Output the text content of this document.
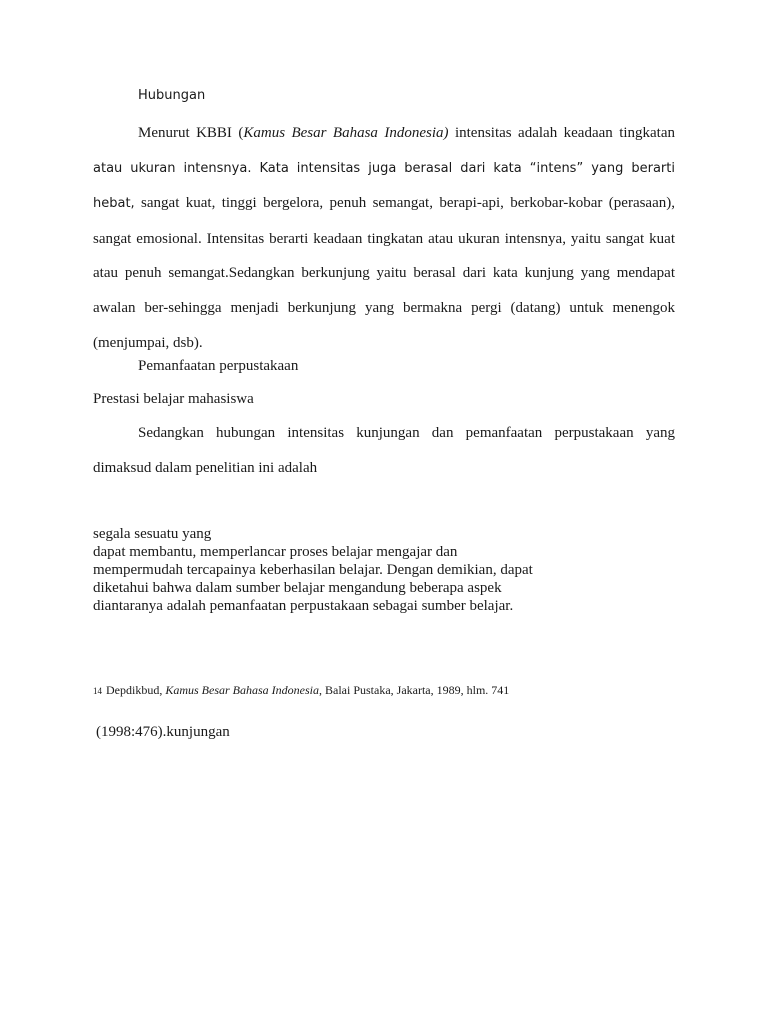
Hubungan

Menurut KBBI (Kamus Besar Bahasa Indonesia) intensitas adalah keadaan tingkatan atau ukuran intensnya. Kata intensitas juga berasal dari kata “intens” yang berarti hebat, sangat kuat, tinggi bergelora, penuh semangat, berapi-api, berkobar-kobar (perasaan), sangat emosional. Intensitas berarti keadaan tingkatan atau ukuran intensnya, yaitu sangat kuat atau penuh semangat.Sedangkan berkunjung yaitu berasal dari kata kunjung yang mendapat awalan ber-sehingga menjadi berkunjung yang bermakna pergi (datang) untuk menengok (menjumpai, dsb).

Pemanfaatan perpustakaan

Prestasi belajar mahasiswa

Sedangkan hubungan intensitas kunjungan dan pemanfaatan perpustakaan yang dimaksud dalam penelitian ini adalah

segala sesuatu yang
dapat membantu, memperlancar proses belajar mengajar dan
mempermudah tercapainya keberhasilan belajar. Dengan demikian, dapat
diketahui bahwa dalam sumber belajar mengandung beberapa aspek
diantaranya adalah pemanfaatan perpustakaan sebagai sumber belajar.

14 Depdikbud, Kamus Besar Bahasa Indonesia, Balai Pustaka, Jakarta, 1989, hlm. 741

(1998:476).kunjungan
